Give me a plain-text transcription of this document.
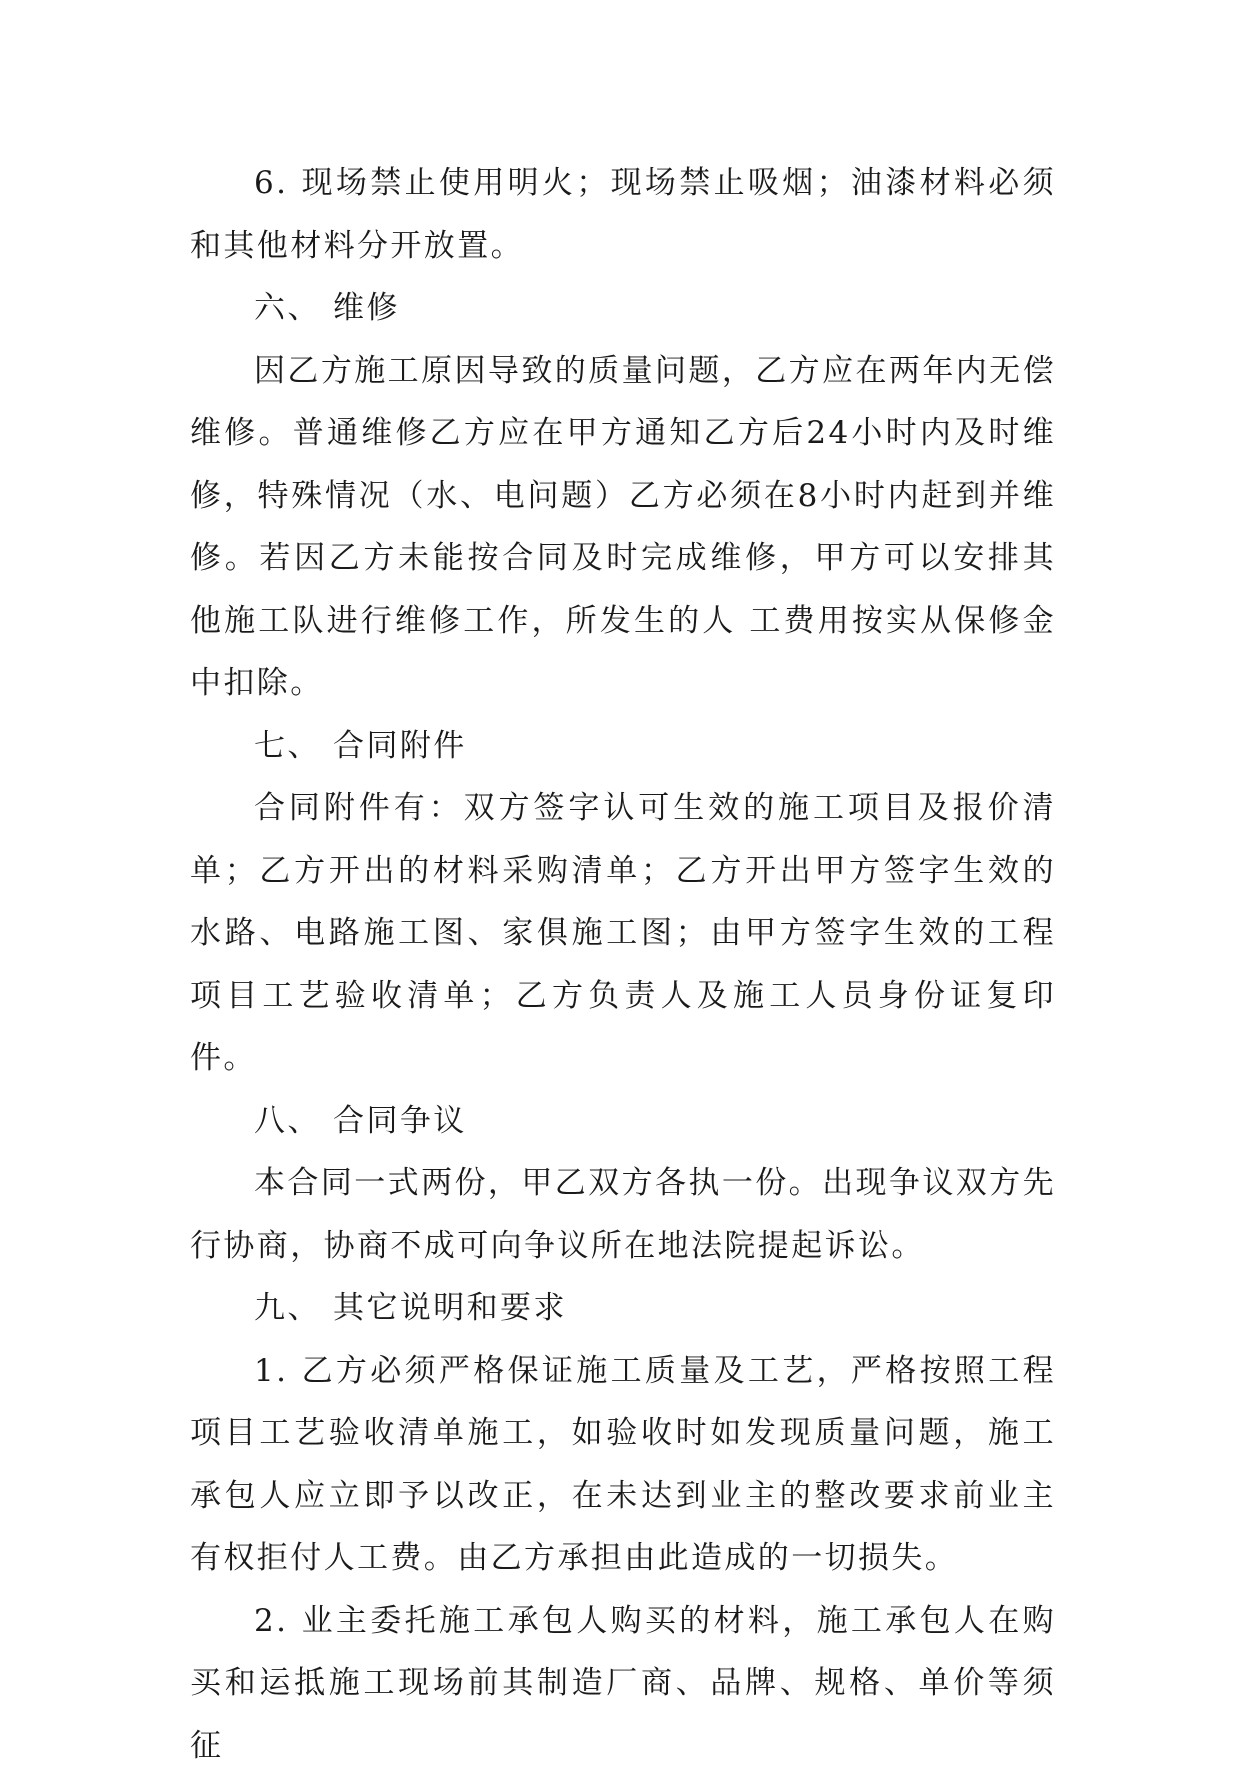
6. 现场禁止使用明火；现场禁止吸烟；油漆材料必须和其他材料分开放置。

六、 维修

因乙方施工原因导致的质量问题，乙方应在两年内无偿维修。普通维修乙方应在甲方通知乙方后24小时内及时维修，特殊情况（水、电问题）乙方必须在8小时内赶到并维修。若因乙方未能按合同及时完成维修，甲方可以安排其他施工队进行维修工作，所发生的人 工费用按实从保修金中扣除。

七、 合同附件

合同附件有：双方签字认可生效的施工项目及报价清单；乙方开出的材料采购清单；乙方开出甲方签字生效的水路、电路施工图、家俱施工图；由甲方签字生效的工程项目工艺验收清单；乙方负责人及施工人员身份证复印件。

八、 合同争议

本合同一式两份，甲乙双方各执一份。出现争议双方先行协商，协商不成可向争议所在地法院提起诉讼。

九、 其它说明和要求

1. 乙方必须严格保证施工质量及工艺，严格按照工程项目工艺验收清单施工，如验收时如发现质量问题，施工承包人应立即予以改正，在未达到业主的整改要求前业主有权拒付人工费。由乙方承担由此造成的一切损失。

2. 业主委托施工承包人购买的材料，施工承包人在购买和运抵施工现场前其制造厂商、品牌、规格、单价等须征
